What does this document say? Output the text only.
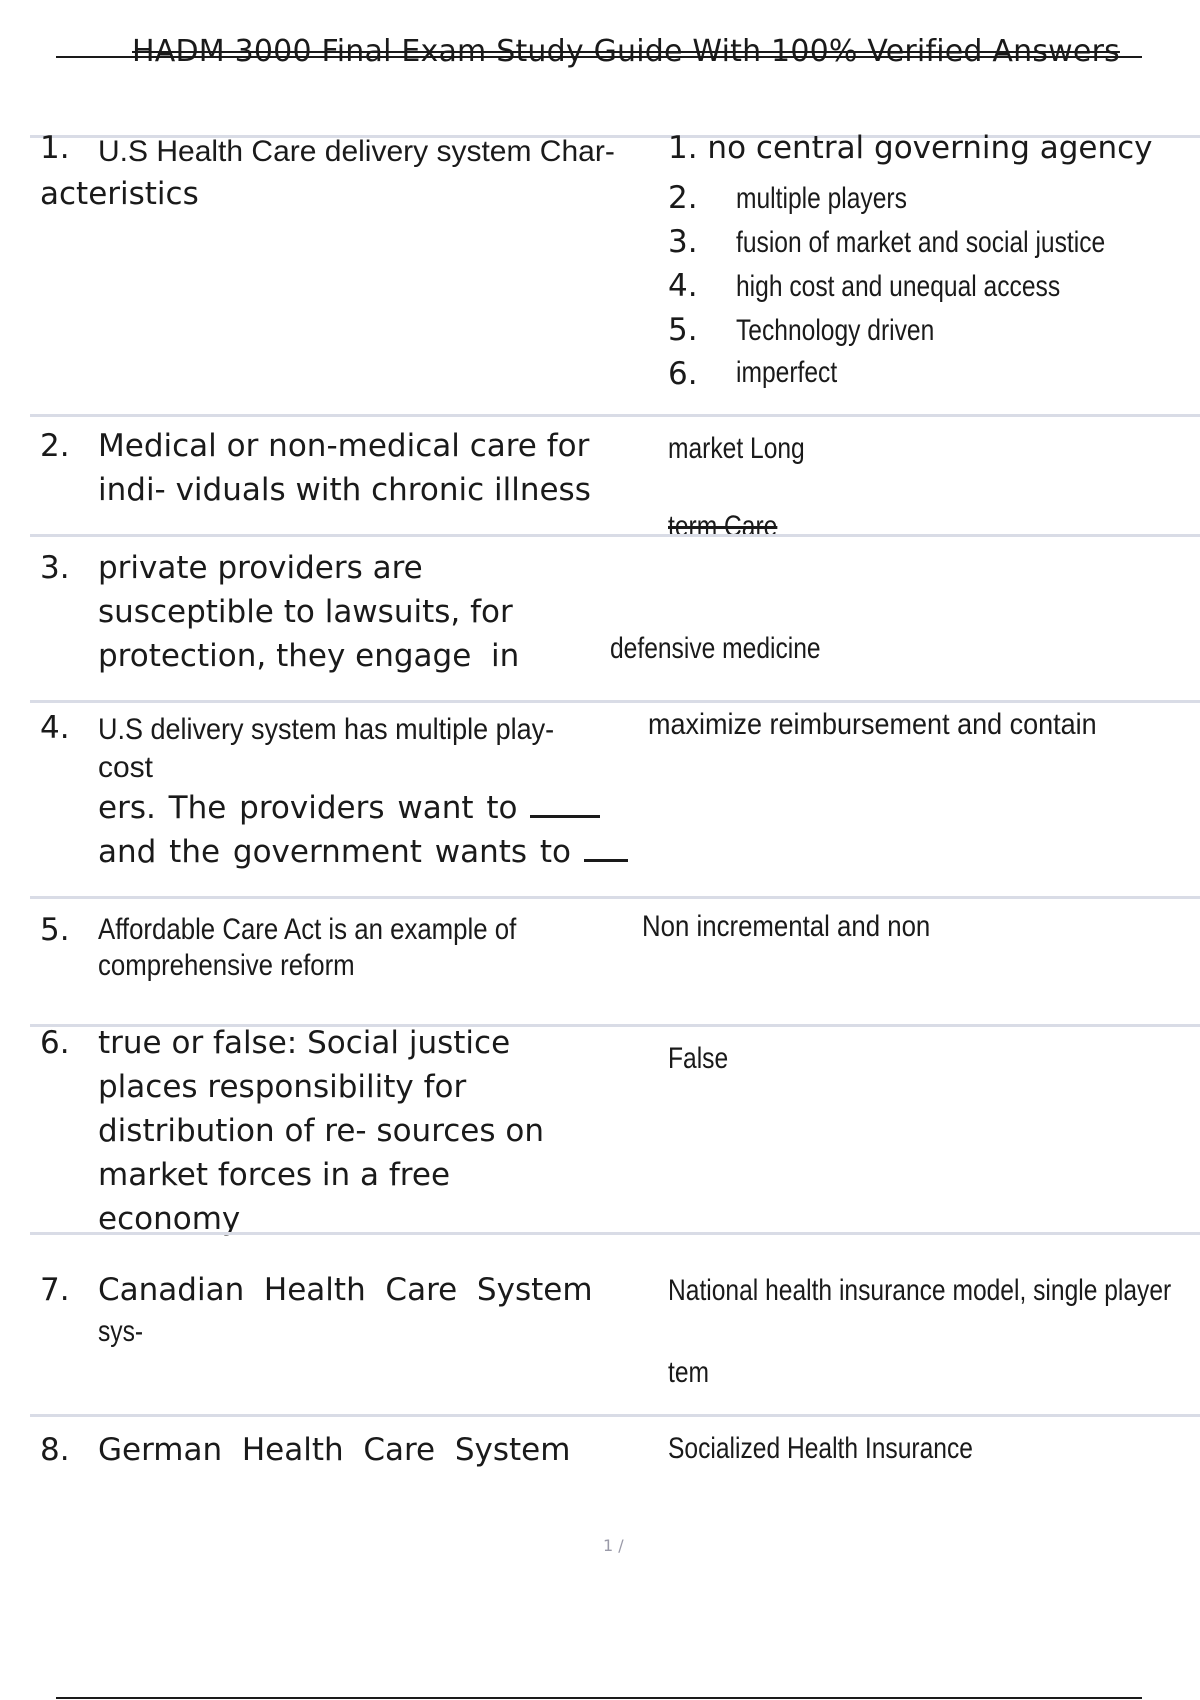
HADM 3000 Final Exam Study Guide With 100% Verified Answers
1. U.S Health Care delivery system Char-
acteristics
1. no central governing agency
2. multiple players
3. fusion of market and social justice
4. high cost and unequal access
5. Technology driven
6. imperfect
2. Medical or non-medical care for
indi- viduals with chronic illness
market Long
term Care
3. private providers are
susceptible to lawsuits, for
protection, they engage  in	defensive medicine
4. U.S delivery system has multiple play-
cost
ers. The providers want to
and the government wants to
maximize reimbursement and contain
5. Affordable Care Act is an example of
comprehensive reform
Non incremental and non
6. true or false: Social justice
places responsibility for
distribution of re- sources on
market forces in a free
economy
False
7. Canadian  Health  Care  System
sys-
National health insurance model, single player
tem
8. German  Health  Care  System	Socialized Health Insurance
1 /
